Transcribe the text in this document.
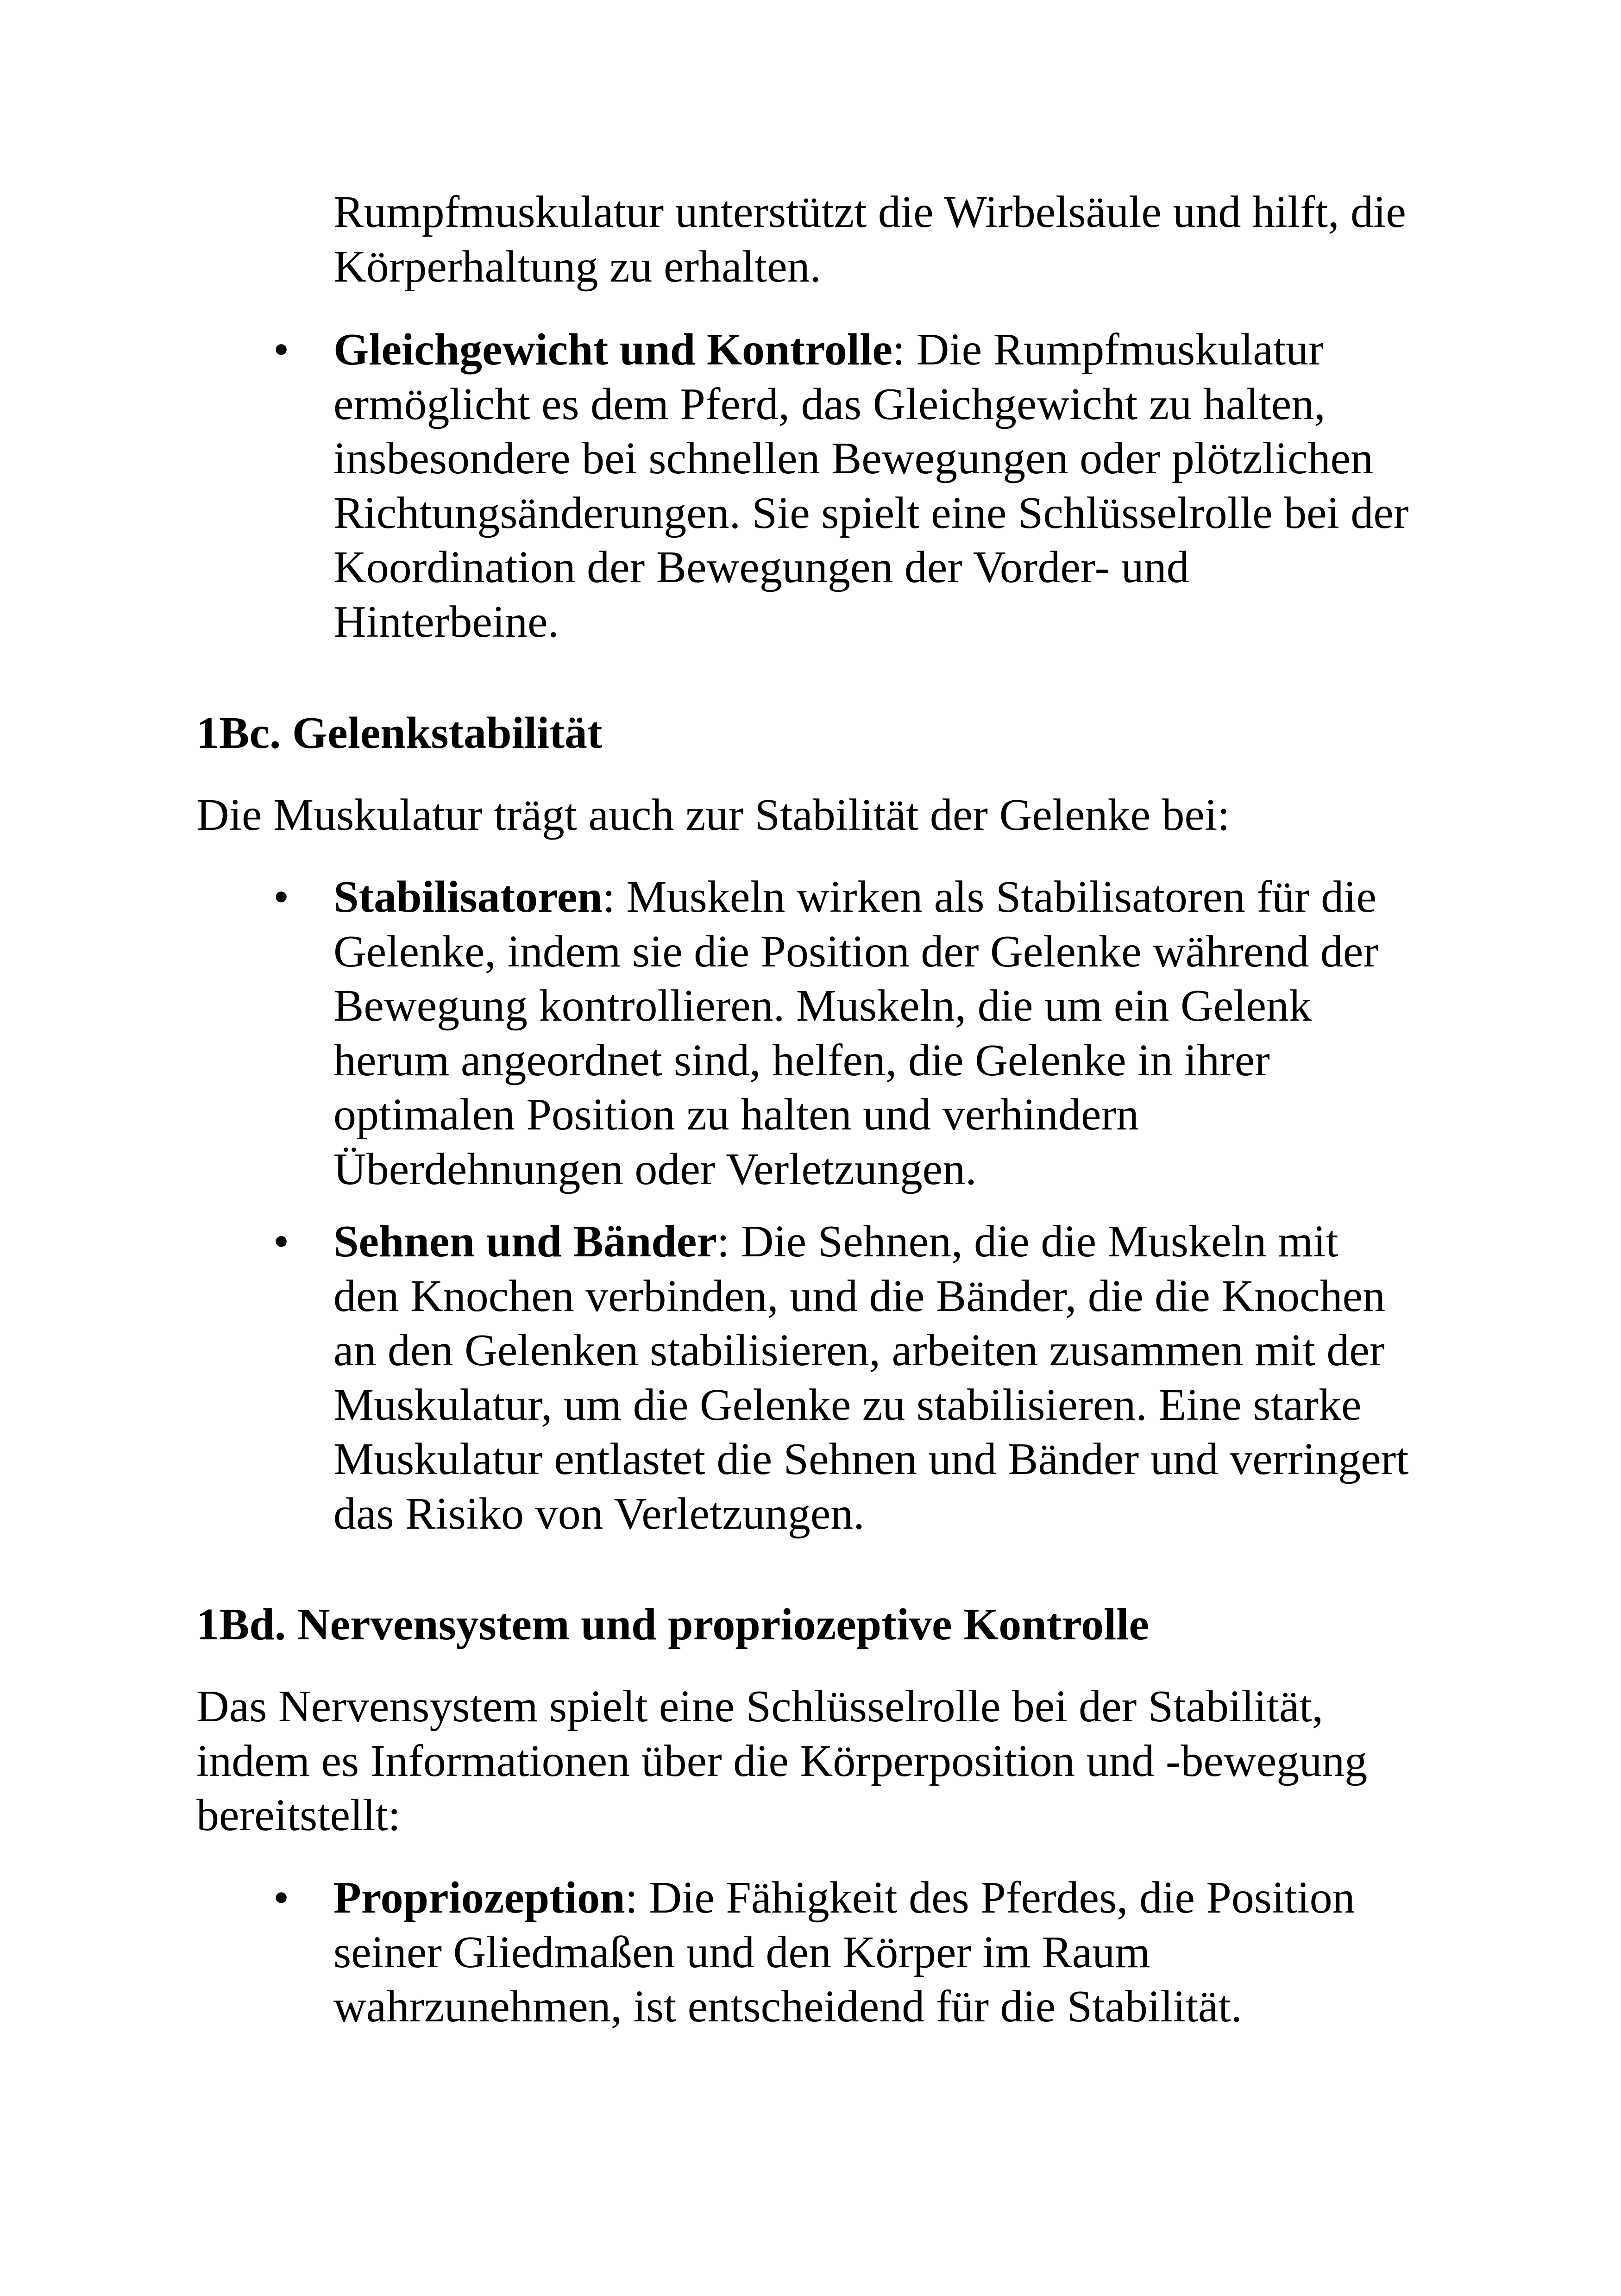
Rumpfmuskulatur unterstützt die Wirbelsäule und hilft, die
Körperhaltung zu erhalten.

• Gleichgewicht und Kontrolle: Die Rumpfmuskulatur
ermöglicht es dem Pferd, das Gleichgewicht zu halten,
insbesondere bei schnellen Bewegungen oder plötzlichen
Richtungsänderungen. Sie spielt eine Schlüsselrolle bei der
Koordination der Bewegungen der Vorder- und
Hinterbeine.

1Bc. Gelenkstabilität

Die Muskulatur trägt auch zur Stabilität der Gelenke bei:

• Stabilisatoren: Muskeln wirken als Stabilisatoren für die
Gelenke, indem sie die Position der Gelenke während der
Bewegung kontrollieren. Muskeln, die um ein Gelenk
herum angeordnet sind, helfen, die Gelenke in ihrer
optimalen Position zu halten und verhindern
Überdehnungen oder Verletzungen.

• Sehnen und Bänder: Die Sehnen, die die Muskeln mit
den Knochen verbinden, und die Bänder, die die Knochen
an den Gelenken stabilisieren, arbeiten zusammen mit der
Muskulatur, um die Gelenke zu stabilisieren. Eine starke
Muskulatur entlastet die Sehnen und Bänder und verringert
das Risiko von Verletzungen.

1Bd. Nervensystem und propriozeptive Kontrolle

Das Nervensystem spielt eine Schlüsselrolle bei der Stabilität,
indem es Informationen über die Körperposition und -bewegung
bereitstellt:

• Propriozeption: Die Fähigkeit des Pferdes, die Position
seiner Gliedmaßen und den Körper im Raum
wahrzunehmen, ist entscheidend für die Stabilität.
